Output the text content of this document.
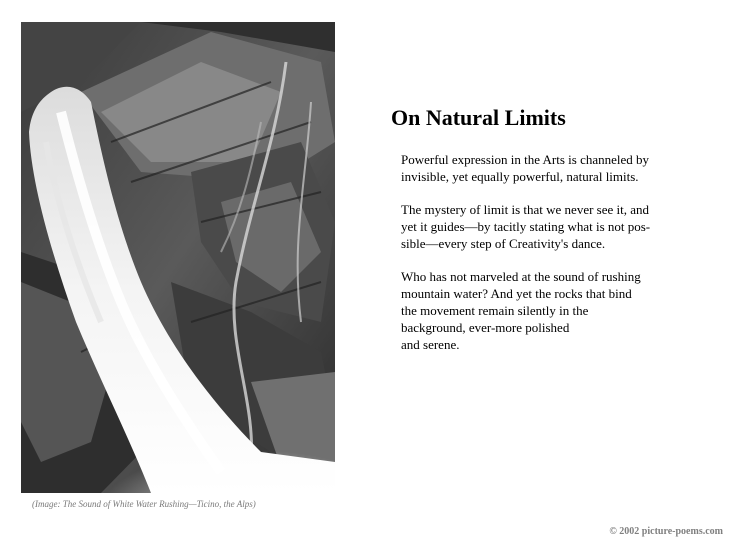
(Image: The Sound of White Water Rushing—Ticino, the Alps)
On Natural Limits

Powerful expression in the Arts is channeled by
invisible, yet equally powerful, natural limits.

The mystery of limit is that we never see it, and
yet it guides—by tacitly stating what is not pos-
sible—every step of Creativity's dance.

Who has not marveled at the sound of rushing
mountain water? And yet the rocks that bind
the movement remain silently in the
background, ever-more polished
and serene.

© 2002 picture-poems.com
